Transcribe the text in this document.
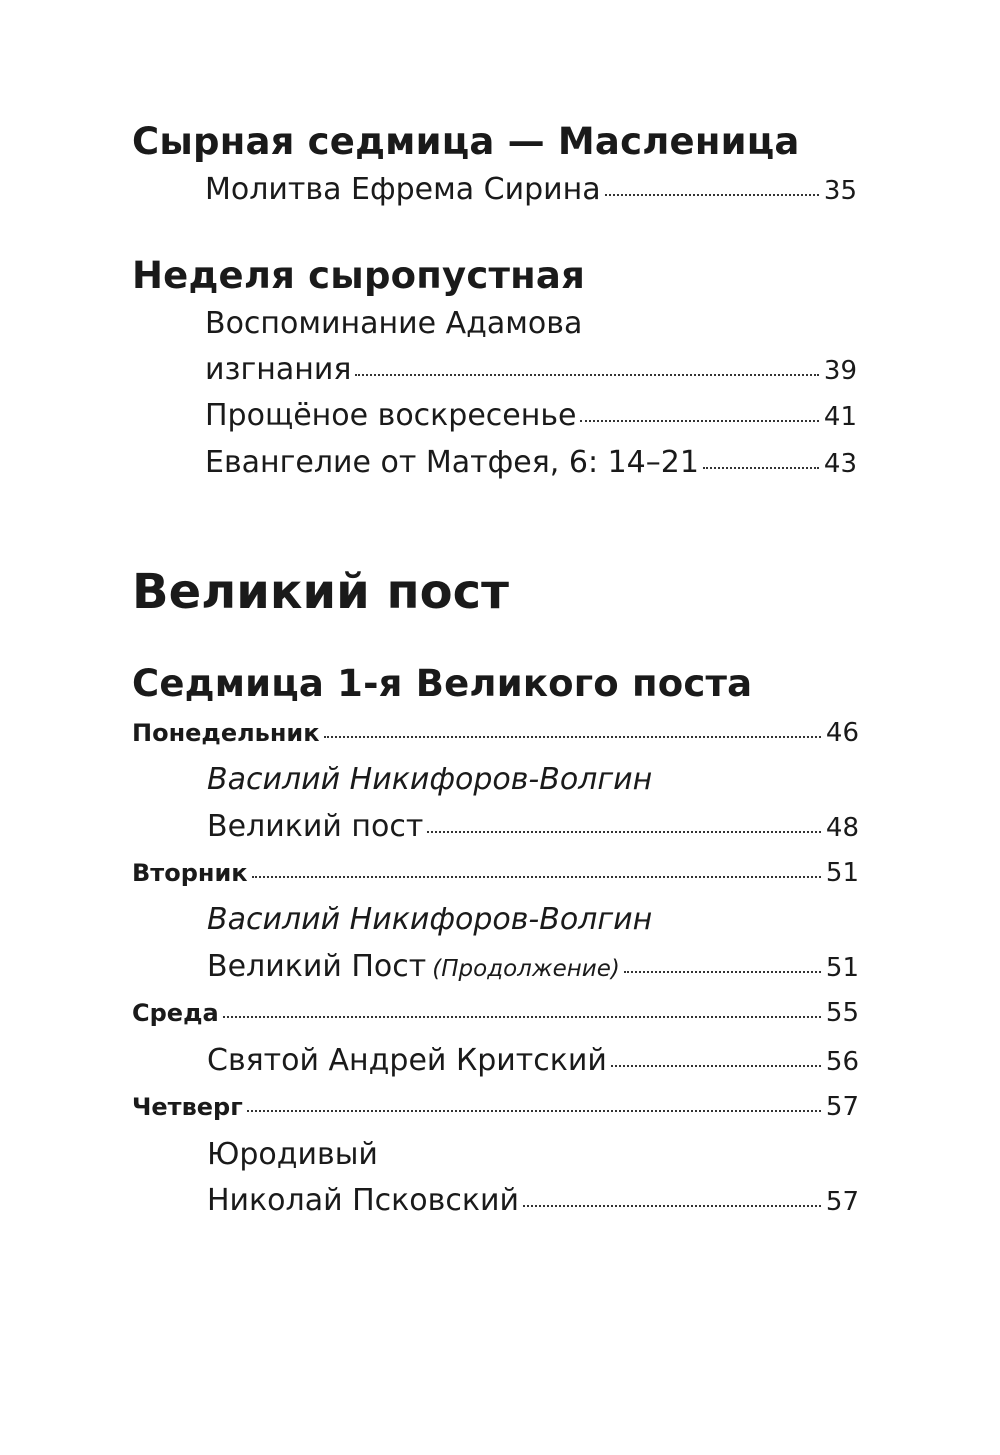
Сырная седмица — Масленица
Молитва Ефрема Сирина	35
Неделя сыропустная
Воспоминание Адамова
изгнания	39
Прощёное воскресенье	41
Евангелие от Матфея, 6: 14–21	43
Великий пост
Седмица 1-я Великого поста
Понедельник	46
Василий Никифоров-Волгин
Великий пост	48
Вторник	51
Василий Никифоров-Волгин
Великий Пост (Продолжение)	51
Среда	55
Святой Андрей Критский	56
Четверг	57
Юродивый
Николай Псковский	57
